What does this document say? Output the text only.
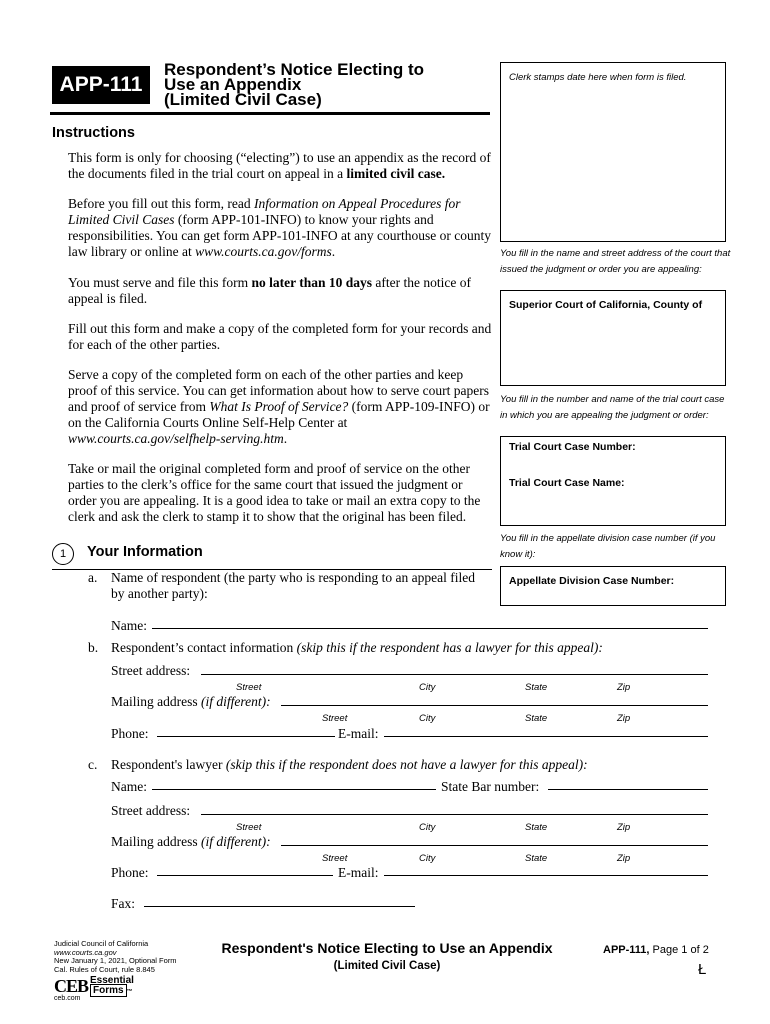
APP-111
Respondent’s Notice Electing to
Use an Appendix
(Limited Civil Case)
Clerk stamps date here when form is filed.
You fill in the name and street address of the court that issued the judgment or order you are appealing:
Superior Court of California, County of
You fill in the number and name of the trial court case in which you are appealing the judgment or order:
Trial Court Case Number:
Trial Court Case Name:
You fill in the appellate division case number (if you know it):
Appellate Division Case Number:
Instructions
This form is only for choosing (“electing”) to use an appendix as the record of the documents filed in the trial court on appeal in a limited civil case.
Before you fill out this form, read Information on Appeal Procedures for Limited Civil Cases (form APP-101-INFO) to know your rights and responsibilities. You can get form APP-101-INFO at any courthouse or county law library or online at www.courts.ca.gov/forms.
You must serve and file this form no later than 10 days after the notice of appeal is filed.
Fill out this form and make a copy of the completed form for your records and for each of the other parties.
Serve a copy of the completed form on each of the other parties and keep proof of this service. You can get information about how to serve court papers and proof of service from What Is Proof of Service? (form APP-109-INFO) or on the California Courts Online Self-Help Center at www.courts.ca.gov/selfhelp-serving.htm.
Take or mail the original completed form and proof of service on the other parties to the clerk’s office for the same court that issued the judgment or order you are appealing. It is a good idea to take or mail an extra copy to the clerk and ask the clerk to stamp it to show that the original has been filed.
1	Your Information
a. Name of respondent (the party who is responding to an appeal filed
by another party):
Name:
b. Respondent’s contact information (skip this if the respondent has a lawyer for this appeal):
Street address:
Street	City	State	Zip
Mailing address (if different):
Street	City	State	Zip
Phone:	E-mail:
c. Respondent's lawyer (skip this if the respondent does not have a lawyer for this appeal):
Name:	State Bar number:
Street address:
Street	City	State	Zip
Mailing address (if different):
Street	City	State	Zip
Phone:	E-mail:
Fax:
Judicial Council of California
www.courts.ca.gov
New January 1, 2021, Optional Form
Cal. Rules of Court, rule 8.845
Respondent's Notice Electing to Use an Appendix
(Limited Civil Case)
APP-111, Page 1 of 2
Ł
CEB
ceb.com
Essential
Forms ™
